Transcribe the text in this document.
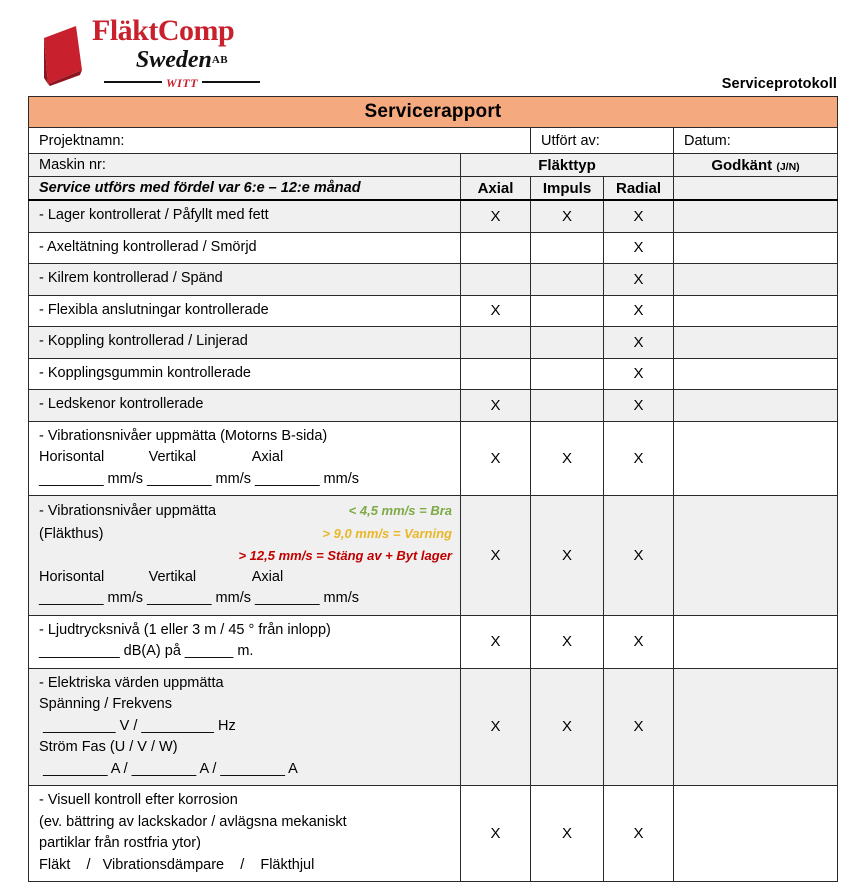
FläktComp
SwedenAB
WITT	Serviceprotokoll
Servicerapport				

Projektnamn:		Utfört av:		Datum:

Maskin nr:	Fläkttyp			Godkänt (J/N)

Service utförs med fördel var 6:e – 12:e månad	Axial	Impuls	Radial	

- Lager kontrollerat / Påfyllt med fett	X	X	X	

- Axeltätning kontrollerad / Smörjd			X	

- Kilrem kontrollerad / Spänd			X	

- Flexibla anslutningar kontrollerade	X		X	

- Koppling kontrollerad / Linjerad			X	

- Kopplingsgummin kontrollerade			X	

- Ledskenor kontrollerade	X		X	

- Vibrationsnivåer uppmätta (Motorns B-sida)
Horisontal           Vertikal              Axial
________ mm/s ________ mm/s ________ mm/s	X	X	X	

- Vibrationsnivåer uppmätta	< 4,5 mm/s = Bra
(Fläkthus)	> 9,0 mm/s = Varning
> 12,5 mm/s = Stäng av + Byt lager
Horisontal           Vertikal              Axial
________ mm/s ________ mm/s ________ mm/s
	X	X	X	

- Ljudtrycksnivå (1 eller 3 m / 45 ° från inlopp)
__________ dB(A) på ______ m.	X	X	X	

- Elektriska värden uppmätta
Spänning / Frekvens
_________ V / _________ Hz
Ström Fas (U / V / W)
________ A / ________ A / ________ A	X	X	X	

- Visuell kontroll efter korrosion
(ev. bättring av lackskador / avlägsna mekaniskt
partiklar från rostfria ytor)
Fläkt    /   Vibrationsdämpare    /    Fläkthjul	X	X	X	
